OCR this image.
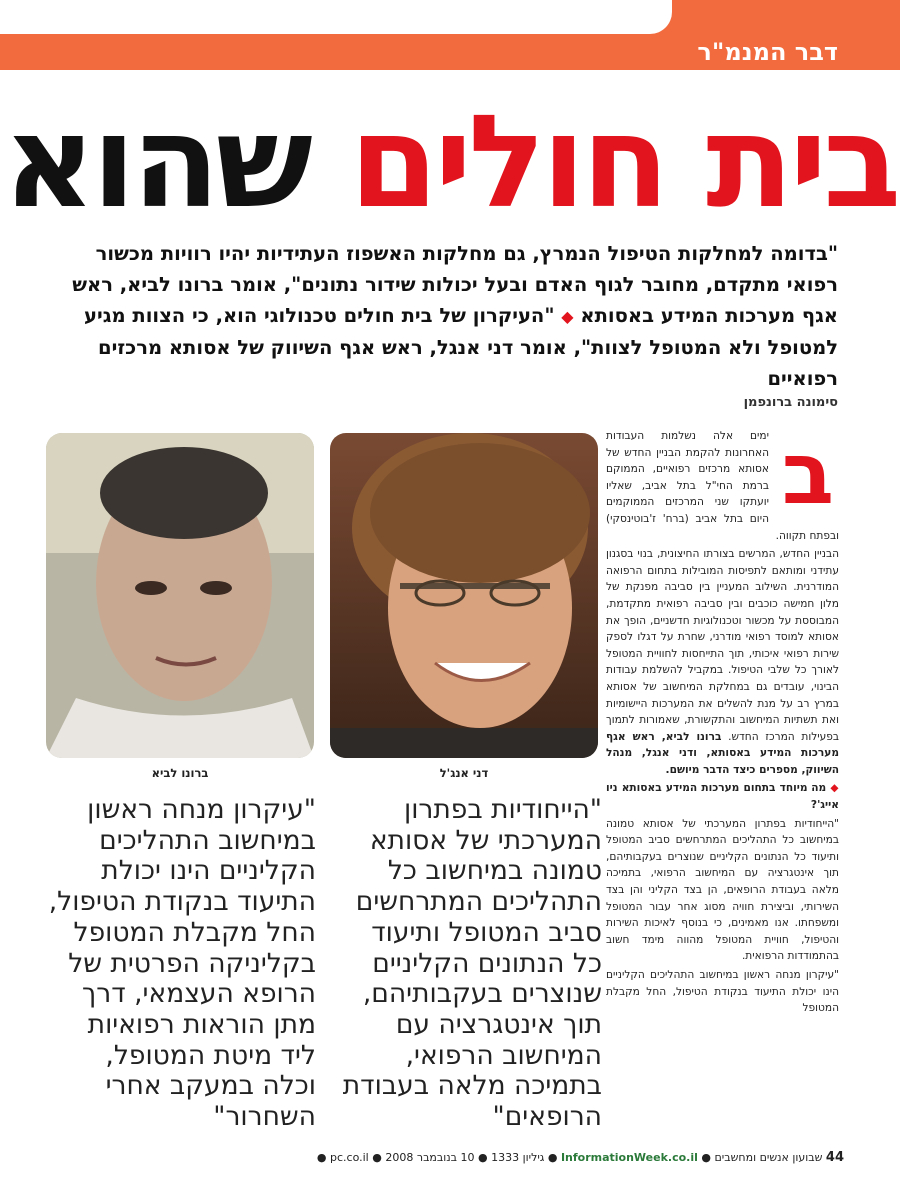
דבר המנמ"ר
בית חולים שהוא
"בדומה למחלקות הטיפול הנמרץ, גם מחלקות האשפוז העתידיות יהיו רוויות מכשור רפואי מתקדם, מחובר לגוף האדם ובעל יכולות שידור נתונים", אומר ברונו לביא, ראש אגף מערכות המידע באסותא ◆ "העיקרון של בית חולים טכנולוגי הוא, כי הצוות מגיע למטופל ולא המטופל לצוות", אומר דני אנגל, ראש אגף השיווק של אסותא מרכזים רפואיים
סימונה ברונפמן
דני אנג'ל
ברונו לביא
"הייחודיות בפתרון המערכתי של אסותא טמונה במיחשוב כל התהליכים המתרחשים סביב המטופל ותיעוד כל הנתונים הקליניים שנוצרים בעקבותיהם, תוך אינטגרציה עם המיחשוב הרפואי, בתמיכה מלאה בעבודת הרופאים"
"עיקרון מנחה ראשון במיחשוב התהליכים הקליניים הינו יכולת התיעוד בנקודת הטיפול, החל מקבלת המטופל בקליניקה הפרטית של הרופא העצמאי, דרך מתן הוראות רפואיות ליד מיטת המטופל, וכלה במעקב אחרי השחרור"
ב

ימים אלה נשלמות העבודות האחרונות להקמת הבניין החדש של אסותא מרכזים רפואיים, הממוקם ברמת החי"ל בתל אביב, שאליו יועתקו שני המרכזים הממוקמים היום בתל אביב (ברח' ז'בוטינסקי) ובפתח תקווה.

הבניין החדש, המרשים בצורתו החיצונית, בנוי בסגנון עתידני ומותאם לתפיסות המובילות בתחום הרפואה המודרנית. השילוב המעניין בין סביבה מפנקת של מלון חמישה כוכבים ובין סביבה רפואית מתקדמת, המבוססת על מכשור וטכנולוגיות חדשניים, הופך את אסותא למוסד רפואי מודרני, שחרת על דגלו לספק שירות רפואי איכותי, תוך התייחסות לחוויית המטופל לאורך כל שלבי הטיפול. במקביל להשלמת עבודות הבינוי, עובדים גם במחלקת המיחשוב של אסותא במרץ רב על מנת להשלים את המערכות היישומיות ואת תשתיות המיחשוב והתקשורת, שאמורות לתמוך בפעילות המרכז החדש. ברונו לביא, ראש אגף מערכות המידע באסותא, ודני אנגל, מנהל השיווק, מספרים כיצד הדבר מיושם.

◆ מה מיוחד בתחום מערכות המידע באסותא ניו אייג'?

"הייחודיות בפתרון המערכתי של אסותא טמונה במיחשוב כל התהליכים המתרחשים סביב המטופל ותיעוד כל הנתונים הקליניים שנוצרים בעקבותיהם, תוך אינטגרציה עם המיחשוב הרפואי, בתמיכה מלאה בעבודת הרופאים, הן בצד הקליני והן בצד השירותי, וביצירת חוויה מסוג אחר עבור המטופל ומשפחתו. אנו מאמינים, כי בנוסף לאיכות השירות והטיפול, חוויית המטופל מהווה מימד חשוב בהתמודדות הרפואית.

"עיקרון מנחה ראשון במיחשוב התהליכים הקליניים הינו יכולת התיעוד בנקודת הטיפול, החל מקבלת המטופל

44 שבועון אנשים ומחשבים ● InformationWeek.co.il ● גיליון 1333 ● 10 בנובמבר 2008 ● pc.co.il ●
